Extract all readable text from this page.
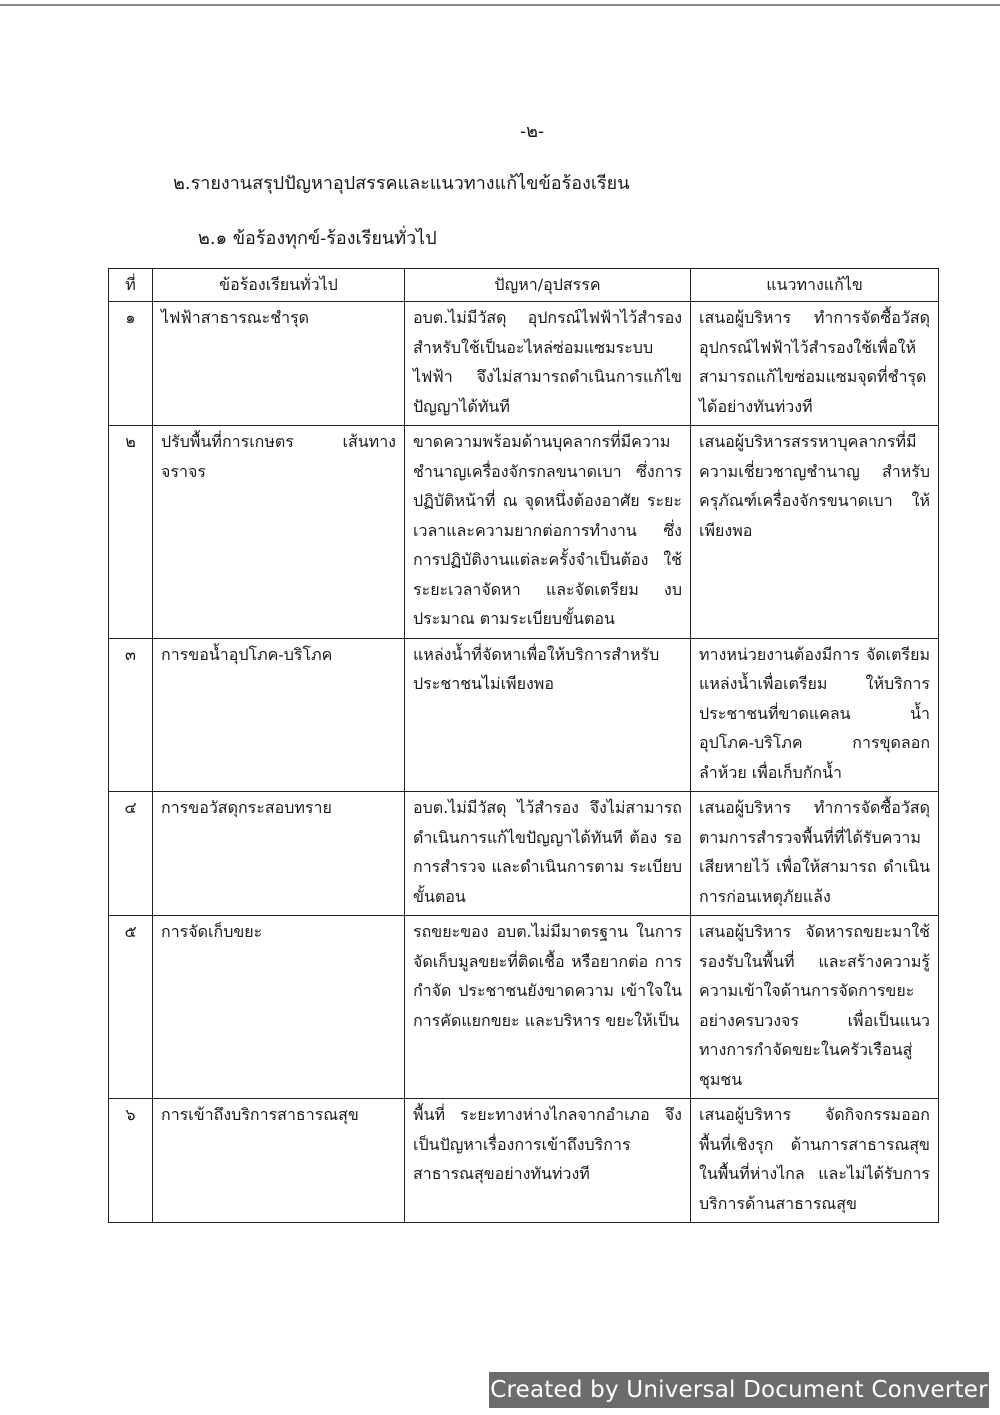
-๒-
๒.รายงานสรุปปัญหาอุปสรรคและแนวทางแก้ไขข้อร้องเรียน
๒.๑ ข้อร้องทุกข์-ร้องเรียนทั่วไป
ที่	ข้อร้องเรียนทั่วไป	ปัญหา/อุปสรรค	แนวทางแก้ไข
๑	ไฟฟ้าสาธารณะชำรุด	อบต.ไม่มีวัสดุ อุปกรณ์ไฟฟ้าไว้สำรอง สำหรับใช้เป็นอะไหล่ซ่อมแซมระบบ ไฟฟ้า จึงไม่สามารถดำเนินการแก้ไข ปัญญาได้ทันที	เสนอผู้บริหาร ทำการจัดซื้อวัสดุ อุปกรณ์ไฟฟ้าไว้สำรองใช้เพื่อให้ สามารถแก้ไขซ่อมแซมจุดที่ชำรุด ได้อย่างทันท่วงที
๒	ปรับพื้นที่การเกษตร เส้นทาง จราจร	ขาดความพร้อมด้านบุคลากรที่มีความ ชำนาญเครื่องจักรกลขนาดเบา ซึ่งการ ปฏิบัติหน้าที่ ณ จุดหนึ่งต้องอาศัย ระยะเวลาและความยากต่อการทำงาน ซึ่งการปฏิบัติงานแต่ละครั้งจำเป็นต้อง ใช้ระยะเวลาจัดหา และจัดเตรียม งบประมาณ ตามระเบียบขั้นตอน	เสนอผู้บริหารสรรหาบุคลากรที่มี ความเชี่ยวชาญชำนาญ สำหรับ ครุภัณฑ์เครื่องจักรขนาดเบา ให้ เพียงพอ
๓	การขอน้ำอุปโภค-บริโภค	แหล่งน้ำที่จัดหาเพื่อให้บริการสำหรับ ประชาชนไม่เพียงพอ	ทางหน่วยงานต้องมีการ จัดเตรียมแหล่งน้ำเพื่อเตรียม ให้บริการประชาชนที่ขาดแคลน น้ำอุปโภค-บริโภค การขุดลอก ลำห้วย เพื่อเก็บกักน้ำ
๔	การขอวัสดุกระสอบทราย	อบต.ไม่มีวัสดุ ไว้สำรอง จึงไม่สามารถ ดำเนินการแก้ไขปัญญาได้ทันที ต้อง รอการสำรวจ และดำเนินการตาม ระเบียบขั้นตอน	เสนอผู้บริหาร ทำการจัดซื้อวัสดุ ตามการสำรวจพื้นที่ที่ได้รับความ เสียหายไว้ เพื่อให้สามารถ ดำเนินการก่อนเหตุภัยแล้ง
๕	การจัดเก็บขยะ	รถขยะของ อบต.ไม่มีมาตรฐาน ในการ จัดเก็บมูลขยะที่ติดเชื้อ หรือยากต่อ การกำจัด ประชาชนยังขาดความ เข้าใจในการคัดแยกขยะ และบริหาร ขยะให้เป็น	เสนอผู้บริหาร จัดหารถขยะมาใช้ รองรับในพื้นที่ และสร้างความรู้ ความเข้าใจด้านการจัดการขยะ อย่างครบวงจร เพื่อเป็นแนว ทางการกำจัดขยะในครัวเรือนสู่ ชุมชน
๖	การเข้าถึงบริการสาธารณสุข	พื้นที่ ระยะทางห่างไกลจากอำเภอ จึง เป็นปัญหาเรื่องการเข้าถึงบริการ สาธารณสุขอย่างทันท่วงที	เสนอผู้บริหาร จัดกิจกรรมออก พื้นที่เชิงรุก ด้านการสาธารณสุข ในพื้นที่ห่างไกล และไม่ได้รับการ บริการด้านสาธารณสุข
Created by Universal Document Converter
